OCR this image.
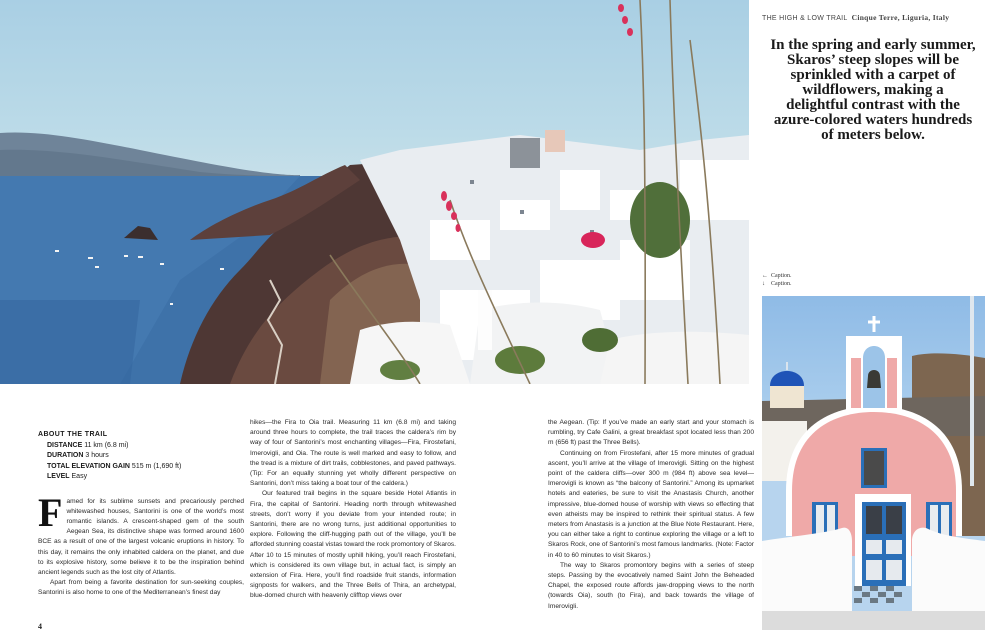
THE HIGH & LOW TRAIL Cinque Terre, Liguria, Italy
In the spring and early summer, Skaros’ steep slopes will be sprinkled with a carpet of wildflowers, making a delightful contrast with the azure-colored waters hundreds of meters below.
← Caption.
↓ Caption.
ABOUT THE TRAIL
DISTANCE 11 km (6.8 mi)
DURATION 3 hours
TOTAL ELEVATION GAIN 515 m (1,690 ft)
LEVEL Easy

Famed for its sublime sunsets and precariously perched whitewashed houses, Santorini is one of the world’s most romantic islands. A crescent-shaped gem of the south Aegean Sea, its distinctive shape was formed around 1600 BCE as a result of one of the largest volcanic eruptions in history. To this day, it remains the only inhabited caldera on the planet, and due to its explosive history, some believe it to be the inspiration behind ancient legends such as the lost city of Atlantis.

Apart from being a favorite destination for sun-seeking couples, Santorini is also home to one of the Mediterranean’s finest day

hikes—the Fira to Oia trail. Measuring 11 km (6.8 mi) and taking around three hours to complete, the trail traces the caldera’s rim by way of four of Santorini’s most enchanting villages—Fira, Firostefani, Imerovigli, and Oia. The route is well marked and easy to follow, and the tread is a mixture of dirt trails, cobblestones, and paved pathways. (Tip: For an equally stunning yet wholly different perspective on Santorini, don’t miss taking a boat tour of the caldera.)

Our featured trail begins in the square beside Hotel Atlantis in Fira, the capital of Santorini. Heading north through whitewashed streets, don’t worry if you deviate from your intended route; in Santorini, there are no wrong turns, just additional opportunities to explore. Following the cliff-hugging path out of the village, you’ll be afforded stunning coastal vistas toward the rock promontory of Skaros. After 10 to 15 minutes of mostly uphill hiking, you’ll reach Firostefani, which is considered its own village but, in actual fact, is simply an extension of Fira. Here, you’ll find roadside fruit stands, information signposts for walkers, and the Three Bells of Thira, an archetypal, blue-domed church with heavenly clifftop views over

the Aegean. (Tip: If you’ve made an early start and your stomach is rumbling, try Cafe Galini, a great breakfast spot located less than 200 m (656 ft) past the Three Bells).

Continuing on from Firostefani, after 15 more minutes of gradual ascent, you’ll arrive at the village of Imerovigli. Sitting on the highest point of the caldera cliffs—over 300 m (984 ft) above sea level—Imerovigli is known as “the balcony of Santorini.” Among its upmarket hotels and eateries, be sure to visit the Anastasis Church, another impressive, blue-domed house of worship with views so effecting that even atheists may be inspired to rethink their spiritual status. A few meters from Anastasis is a junction at the Blue Note Restaurant. Here, you can either take a right to continue exploring the village or a left to Skaros Rock, one of Santorini’s most famous landmarks. (Note: Factor in 40 to 60 minutes to visit Skaros.)

The way to Skaros promontory begins with a series of steep steps. Passing by the evocatively named Saint John the Beheaded Chapel, the exposed route affords jaw-dropping views to the north (towards Oia), south (to Fira), and back towards the village of Imerovigli.

4
